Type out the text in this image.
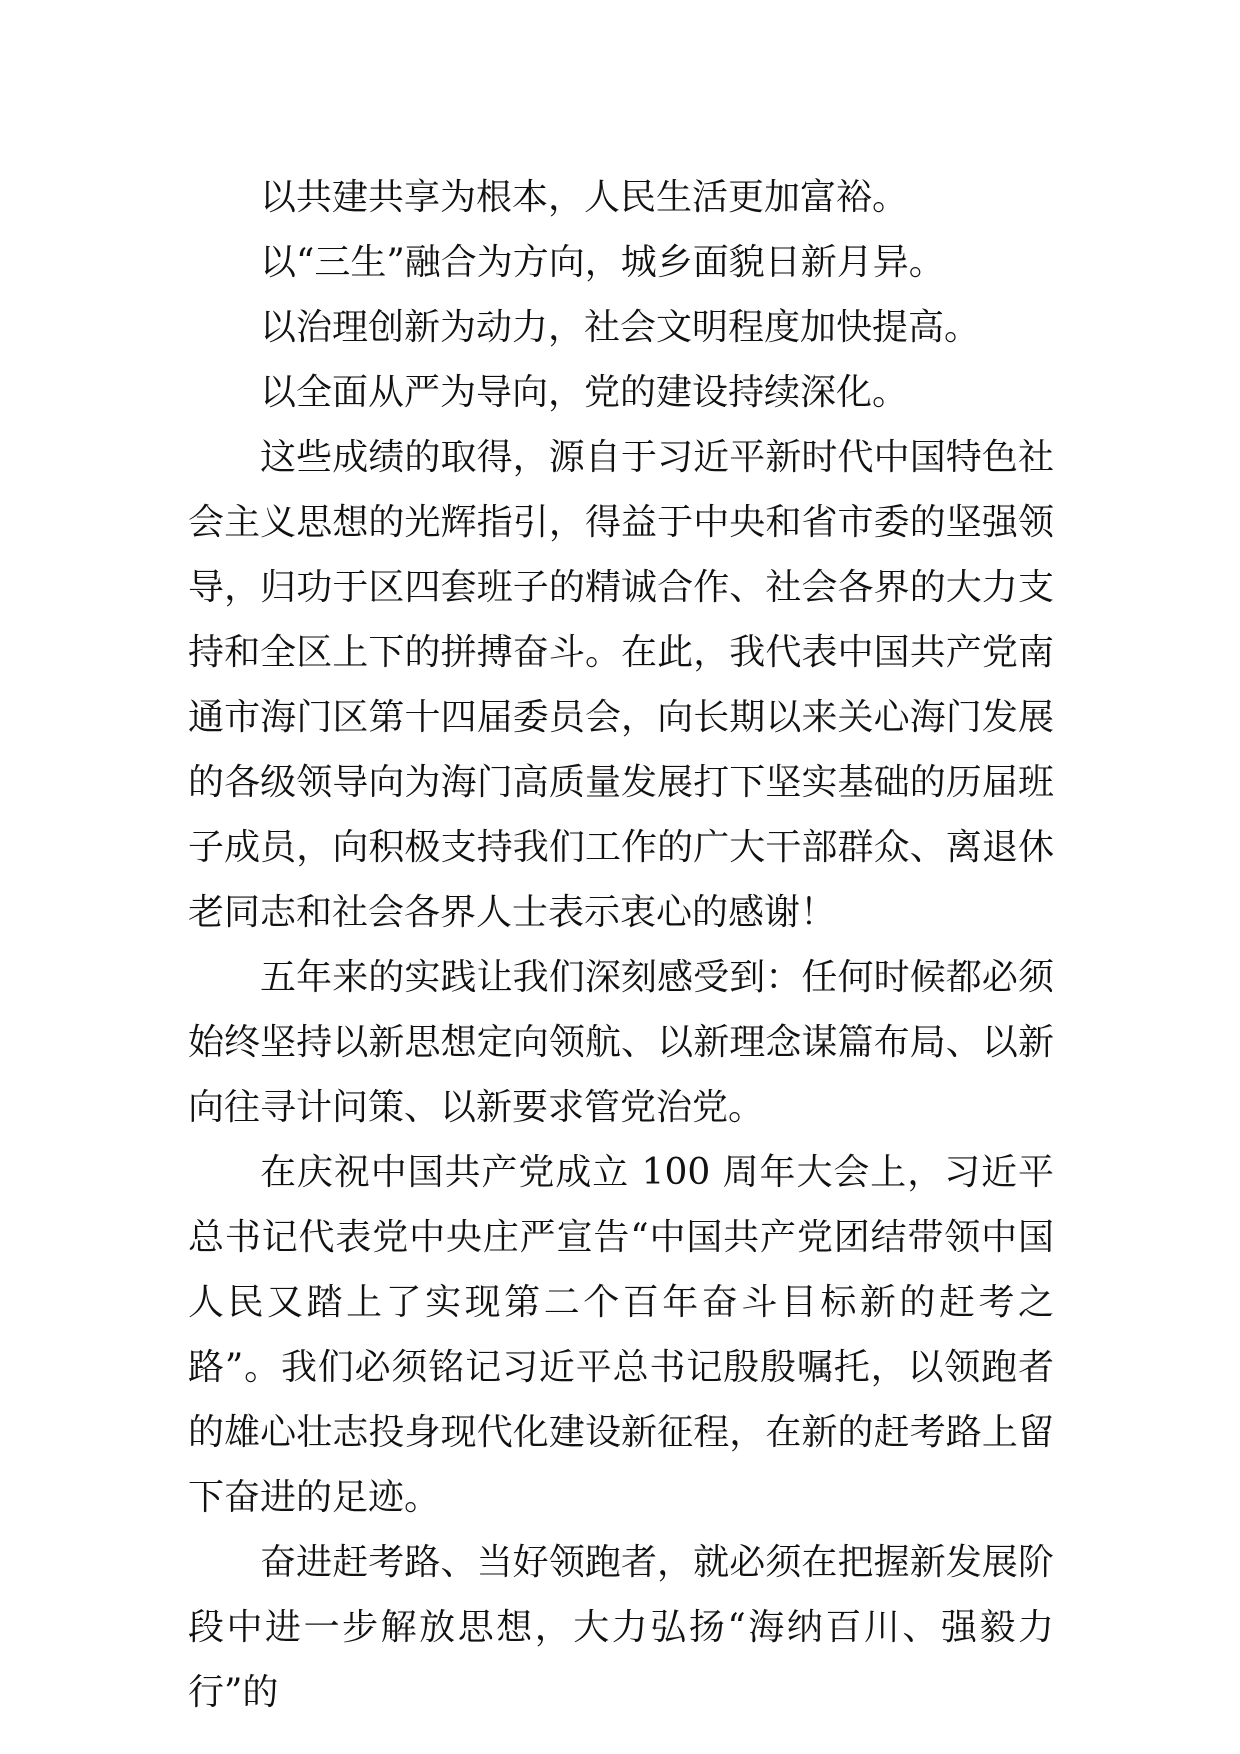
以共建共享为根本，人民生活更加富裕。

以“三生”融合为方向，城乡面貌日新月异。

以治理创新为动力，社会文明程度加快提高。

以全面从严为导向，党的建设持续深化。

这些成绩的取得，源自于习近平新时代中国特色社会主义思想的光辉指引，得益于中央和省市委的坚强领导，归功于区四套班子的精诚合作、社会各界的大力支持和全区上下的拼搏奋斗。在此，我代表中国共产党南通市海门区第十四届委员会，向长期以来关心海门发展的各级领导向为海门高质量发展打下坚实基础的历届班子成员，向积极支持我们工作的广大干部群众、离退休老同志和社会各界人士表示衷心的感谢！

五年来的实践让我们深刻感受到：任何时候都必须始终坚持以新思想定向领航、以新理念谋篇布局、以新向往寻计问策、以新要求管党治党。

在庆祝中国共产党成立 100 周年大会上，习近平总书记代表党中央庄严宣告“中国共产党团结带领中国人民又踏上了实现第二个百年奋斗目标新的赶考之路”。我们必须铭记习近平总书记殷殷嘱托，以领跑者的雄心壮志投身现代化建设新征程，在新的赶考路上留下奋进的足迹。

奋进赶考路、当好领跑者，就必须在把握新发展阶段中进一步解放思想，大力弘扬“海纳百川、强毅力行”的
